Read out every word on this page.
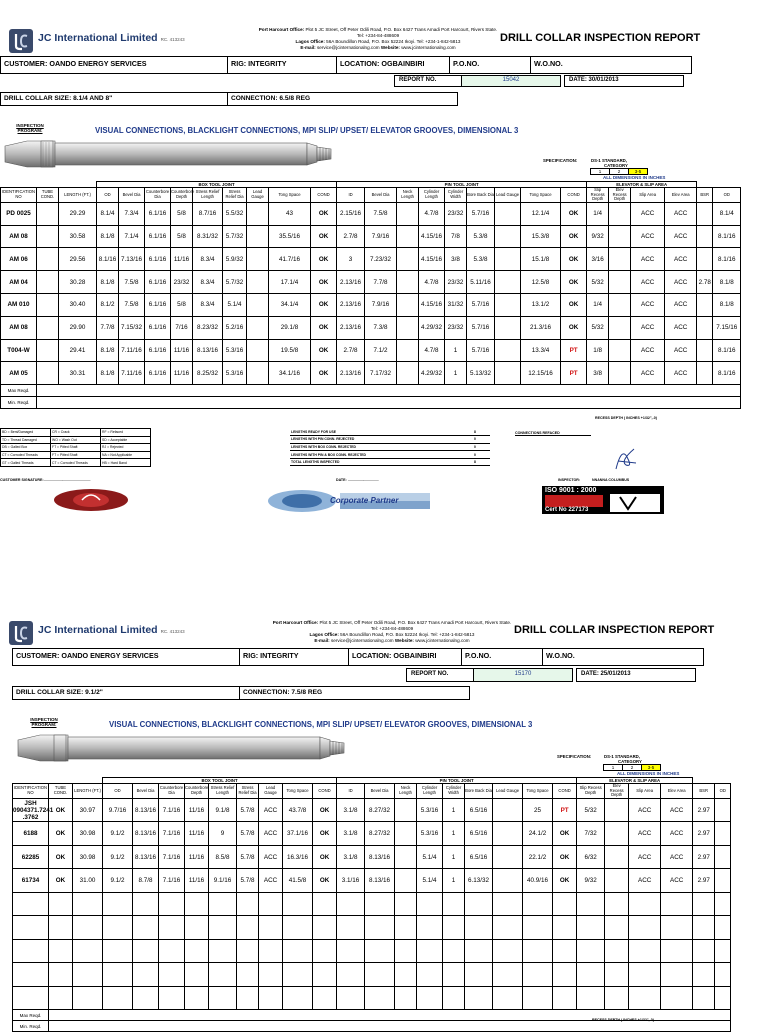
JC International Limited RC. 413243
Port Harcourt Office: Plot 5 JC Street, Off Peter Odili Road, P.O. Box 6427 Trans Amadi Port Harcourt, Rivers State. Tel: +234-84-488609
Lagos Office: 56A Boundillon Road, P.O. Box 52224 Ikoyi. Tel: +234-1-842-5813
E-mail: service@jcinternationalng.com Website: www.jcinternationalng.com
DRILL COLLAR INSPECTION REPORT
CUSTOMER: OANDO ENERGY SERVICES	RIG: INTEGRITY	LOCATION: OGBAINBIRI	P.O.NO.	W.O.NO.
REPORT NO.	15042	DATE: 30/01/2013
DRILL COLLAR SIZE: 8.1/4 AND 8"	CONNECTION: 6.5/8 REG
INSPECTION PROGRAM:	VISUAL CONNECTIONS, BLACKLIGHT CONNECTIONS, MPI SLIP/ UPSET/ ELEVATOR GROOVES, DIMENSIONAL 3
SPECIFICATION:	DS-1 STANDARD,
CATEGORY
1	2	3-5
ALL DIMENSIONS IN INCHES
			BOX TOOL JOINT									PIN TOOL JOINT									ELEVATOR & SLIP AREA					
IDENTIFICATION NO	TUBE COND.	LENGTH (FT.)	OD	Bevel Dia	Counterbore Dia	Counterbore Depth	Stress Relief Length	Stress Relief Dia	Lead Gauge	Tong Space	COND	ID	Bevel Dia	Neck Length	Cylinder Length	Cylinder Width	Bore Back Dia	Lead Gauge	Tong Space	COND	Slip Recess Depth	Elev Recess Depth	Slip Area	Elev Area	BSR	OD
PD 0025		29.29	8.1/4	7.3/4	6.1/16	5/8	8.7/16	5.5/32		43	OK	2.15/16	7.5/8		4.7/8	23/32	5.7/16		12.1/4	OK	1/4		ACC	ACC		8.1/4
AM 08		30.58	8.1/8	7.1/4	6.1/16	5/8	8.31/32	5.7/32		35.5/16	OK	2.7/8	7.9/16		4.15/16	7/8	5.3/8		15.3/8	OK	9/32		ACC	ACC		8.1/16
AM 06		29.56	8.1/16	7.13/16	6.1/16	11/16	8.3/4	5.9/32		41.7/16	OK	3	7.23/32		4.15/16	3/8	5.3/8		15.1/8	OK	3/16		ACC	ACC		8.1/16
AM 04		30.28	8.1/8	7.5/8	6.1/16	23/32	8.3/4	5.7/32		17.1/4	OK	2.13/16	7.7/8		4.7/8	23/32	5.11/16		12.5/8	OK	5/32		ACC	ACC	2.78	8.1/8
AM 010		30.40	8.1/2	7.5/8	6.1/16	5/8	8.3/4	5.1/4		34.1/4	OK	2.13/16	7.9/16		4.15/16	31/32	5.7/16		13.1/2	OK	1/4		ACC	ACC		8.1/8
AM 08		29.90	7.7/8	7.15/32	6.1/16	7/16	8.23/32	5.2/16		29.1/8	OK	2.13/16	7.3/8		4.29/32	23/32	5.7/16		21.3/16	OK	5/32		ACC	ACC		7.15/16
T004-W		29.41	8.1/8	7.11/16	6.1/16	11/16	8.13/16	5.3/16		19.5/8	OK	2.7/8	7.1/2		4.7/8	1	5.7/16		13.3/4	PT	1/8		ACC	ACC		8.1/16
AM 05		30.31	8.1/8	7.11/16	6.1/16	11/16	8.25/32	5.3/16		34.1/16	OK	2.13/16	7.17/32		4.29/32	1	5.13/32		12.15/16	PT	3/8		ACC	ACC		8.1/16
Max Reqd.																										
Min. Reqd.																										
RECESS DEPTH ( INCHES +1/32",-0)
BD = Bent/Damaged	CR = Crack	RF = Refaced
TD = Thread Damaged	WO = Wash Out	SD = Acceptable
DB = Galled Box	FT = Pitted Shaft	RJ = Rejected
CT = Corroded Threads	FT = Pitted Shaft	NA = Not Applicable
GT = Galled Threads	CT = Corroded Threads	HB = Hard Band
LENGTHS READY FOR USE	8
LENGTHS WITH PIN CONN. REJECTED	0
LENGTHS WITH BOX CONN. REJECTED	0
LENGTHS WITH PIN & BOX CONN. REJECTED	0
TOTAL LENGTHS INSPECTED	8
CONNECTIONS REFACED
INSPECTOR:	NNANNA COLUMBUS
CUSTOMER SIGNATURE:...............................................	DATE: ...............................
Corporate Partner
ISO 9001 : 2000
Cert No 227173
JC International Limited RC. 413243
Port Harcourt Office: Plot 5 JC Street, Off Peter Odili Road, P.O. Box 6427 Trans Amadi Port Harcourt, Rivers State. Tel: +234-84-488609
Lagos Office: 56A Boundillon Road, P.O. Box 52224 Ikoyi. Tel: +234-1-842-5813
E-mail: service@jcinternationalng.com Website: www.jcinternationalng.com
DRILL COLLAR INSPECTION REPORT
CUSTOMER: OANDO ENERGY SERVICES	RIG: INTEGRITY	LOCATION: OGBAINBIRI	P.O.NO.	W.O.NO.
REPORT NO.	15170	DATE: 25/01/2013
DRILL COLLAR SIZE: 9.1/2"	CONNECTION: 7.5/8 REG
INSPECTION PROGRAM:	VISUAL CONNECTIONS, BLACKLIGHT CONNECTIONS, MPI SLIP/ UPSET/ ELEVATOR GROOVES, DIMENSIONAL 3
SPECIFICATION:	DS-1 STANDARD,
CATEGORY
1	2	3-5
ALL DIMENSIONS IN INCHES
			BOX TOOL JOINT									PIN TOOL JOINT									ELEVATOR & SLIP AREA					
IDENTIFICATION NO	TUBE COND.	LENGTH (FT.)	OD	Bevel Dia	Counterbore Dia	Counterbore Depth	Stress Relief Length	Stress Relief Dia	Lead Gauge	Tong Space	COND	ID	Bevel Dia	Neck Length	Cylinder Length	Cylinder Width	Bore Back Dia	Lead Gauge	Tong Space	COND	Slip Recess Depth	Elev Recess Depth	Slip Area	Elev Area	BSR	OD
JSH 0904371.7241 .3762	OK	30.97	9.7/16	8.13/16	7.1/16	11/16	9.1/8	5.7/8	ACC	43.7/8	OK	3.1/8	8.27/32		5.3/16	1	6.5/16		25	PT	5/32		ACC	ACC	2.97	
6188	OK	30.98	9.1/2	8.13/16	7.1/16	11/16	9	5.7/8	ACC	37.1/16	OK	3.1/8	8.27/32		5.3/16	1	6.5/16		24.1/2	OK	7/32		ACC	ACC	2.97	
62285	OK	30.98	9.1/2	8.13/16	7.1/16	11/16	8.5/8	5.7/8	ACC	16.3/16	OK	3.1/8	8.13/16		5.1/4	1	6.5/16		22.1/2	OK	6/32		ACC	ACC	2.97	
61734	OK	31.00	9.1/2	8.7/8	7.1/16	11/16	9.1/16	5.7/8	ACC	41.5/8	OK	3.1/16	8.13/16		5.1/4	1	6.13/32		40.9/16	OK	9/32		ACC	ACC	2.97	

Max Reqd.																										
Min. Reqd.																										
RECESS DEPTH ( INCHES +1/32",-0)
